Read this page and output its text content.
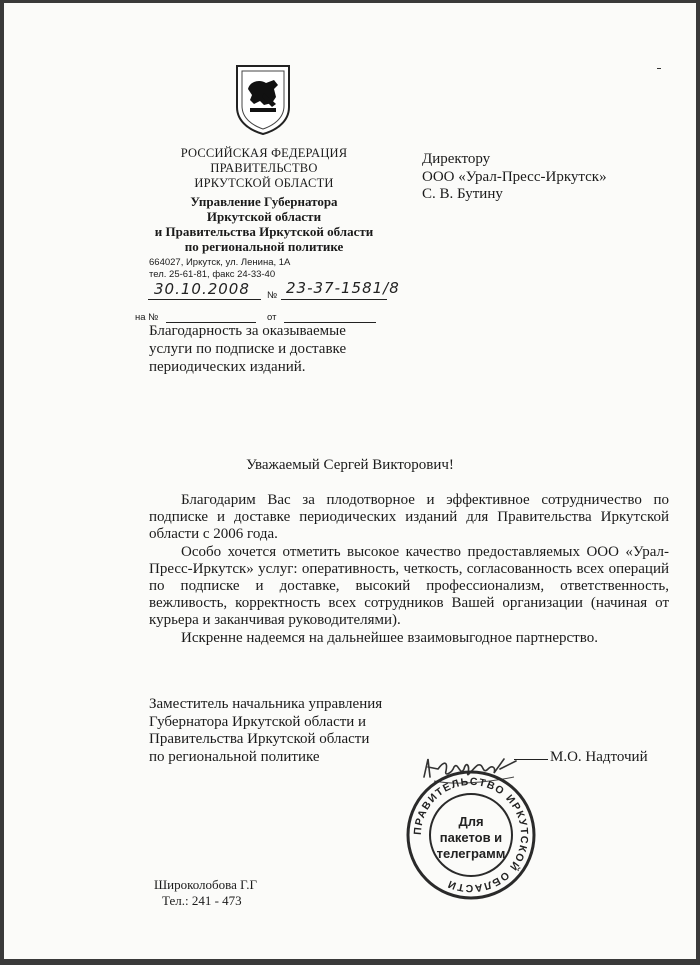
РОССИЙСКАЯ ФЕДЕРАЦИЯ
ПРАВИТЕЛЬСТВО
ИРКУТСКОЙ ОБЛАСТИ
Управление Губернатора
Иркутской области
и Правительства Иркутской области
по региональной политике
664027, Иркутск, ул. Ленина, 1А
тел. 25-61-81, факс 24-33-40
30.10.2008 № 23-37-1581/8
на №	от
Директору
ООО «Урал-Пресс-Иркутск»
С. В. Бутину
Благодарность за оказываемые
услуги по подписке и доставке
периодических изданий.
Уважаемый Сергей Викторович!

Благодарим Вас за плодотворное и эффективное сотрудничество по подписке и доставке периодических изданий для Правительства Иркутской области с 2006 года.

Особо хочется отметить высокое качество предоставляемых ООО «Урал-Пресс-Иркутск» услуг: оперативность, четкость, согласованность всех операций по подписке и доставке, высокий профессионализм, ответственность, вежливость, корректность всех сотрудников Вашей организации (начиная от курьера и заканчивая руководителями).

Искренне надеемся на дальнейшее взаимовыгодное партнерство.

Заместитель начальника управления
Губернатора Иркутской области и
Правительства Иркутской области
по региональной политике	М.О. Надточий
ПРАВИТЕЛЬСТВО ИРКУТСКОЙ ОБЛАСТИ
Для
пакетов и
телеграмм
Широколобова Г.Г
Тел.: 241 - 473
